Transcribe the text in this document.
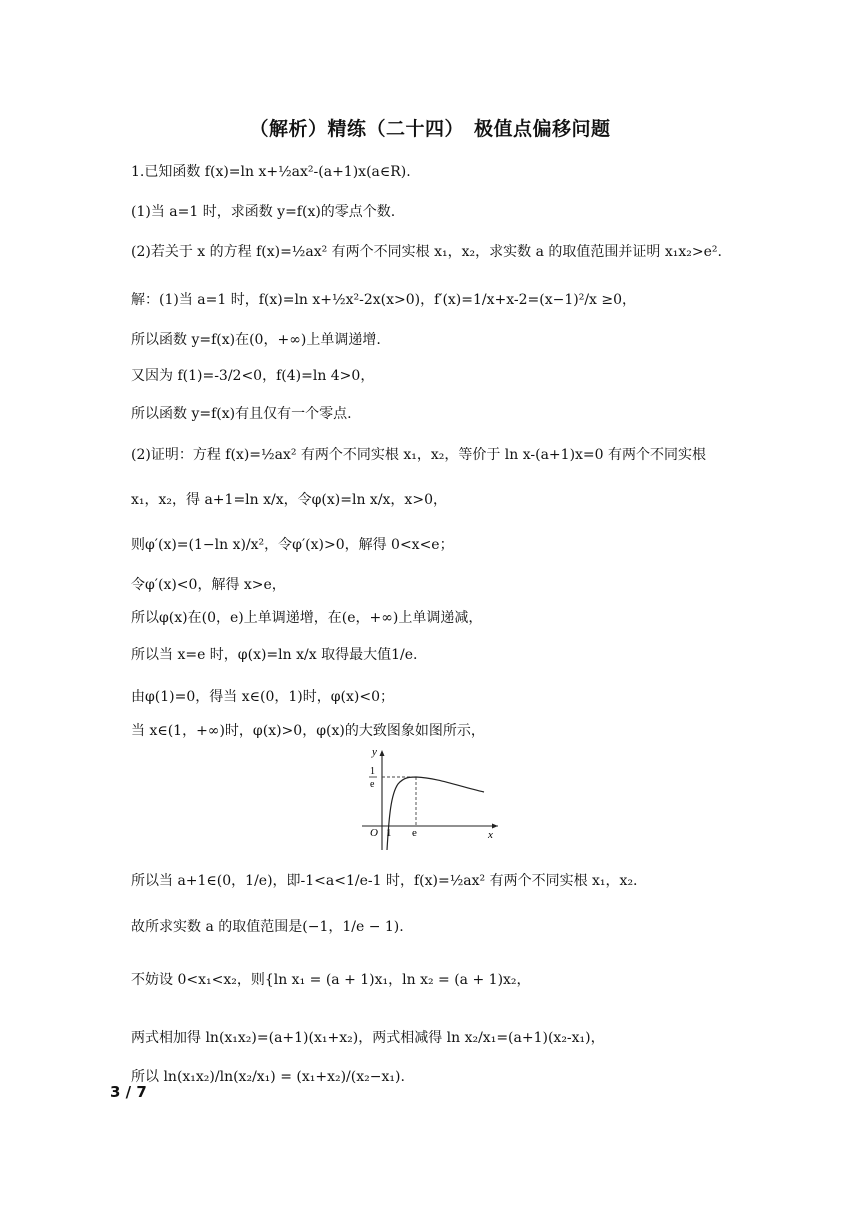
（解析）精练（二十四）　极值点偏移问题
1.已知函数 f(x)=ln x+½ax²-(a+1)x(a∈R).
(1)当 a=1 时，求函数 y=f(x)的零点个数.
(2)若关于 x 的方程 f(x)=½ax² 有两个不同实根 x₁，x₂，求实数 a 的取值范围并证明 x₁x₂>e².
解：(1)当 a=1 时，f(x)=ln x+½x²-2x(x>0)，f′(x)=1/x+x-2=(x−1)²/x ≥0，
所以函数 y=f(x)在(0，+∞)上单调递增.
又因为 f(1)=-3/2<0，f(4)=ln 4>0，
所以函数 y=f(x)有且仅有一个零点.
(2)证明：方程 f(x)=½ax² 有两个不同实根 x₁，x₂，等价于 ln x-(a+1)x=0 有两个不同实根
x₁，x₂，得 a+1=ln x/x，令φ(x)=ln x/x，x>0，
则φ′(x)=(1−ln x)/x²，令φ′(x)>0，解得 0<x<e；
令φ′(x)<0，解得 x>e，
所以φ(x)在(0，e)上单调递增，在(e，+∞)上单调递减，
所以当 x=e 时，φ(x)=ln x/x 取得最大值1/e.
由φ(1)=0，得当 x∈(0，1)时，φ(x)<0；
当 x∈(1，+∞)时，φ(x)>0，φ(x)的大致图象如图所示，
y
x
O 1 e
1
e
所以当 a+1∈(0，1/e)，即-1<a<1/e-1 时，f(x)=½ax² 有两个不同实根 x₁，x₂.
故所求实数 a 的取值范围是(−1，1/e − 1).
不妨设 0<x₁<x₂，则{ln x₁ = (a + 1)x₁，ln x₂ = (a + 1)x₂，
两式相加得 ln(x₁x₂)=(a+1)(x₁+x₂)，两式相减得 ln x₂/x₁=(a+1)(x₂-x₁)，
所以 ln(x₁x₂)/ln(x₂/x₁) = (x₁+x₂)/(x₂−x₁).
3 / 7
